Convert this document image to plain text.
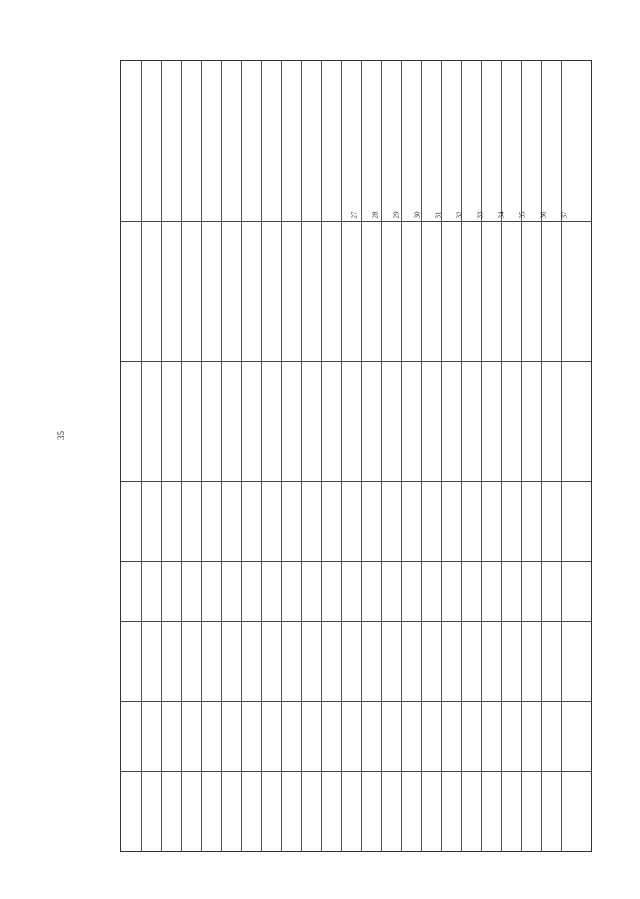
35
27 28 29 30 31 32 33 34 35 36 37
